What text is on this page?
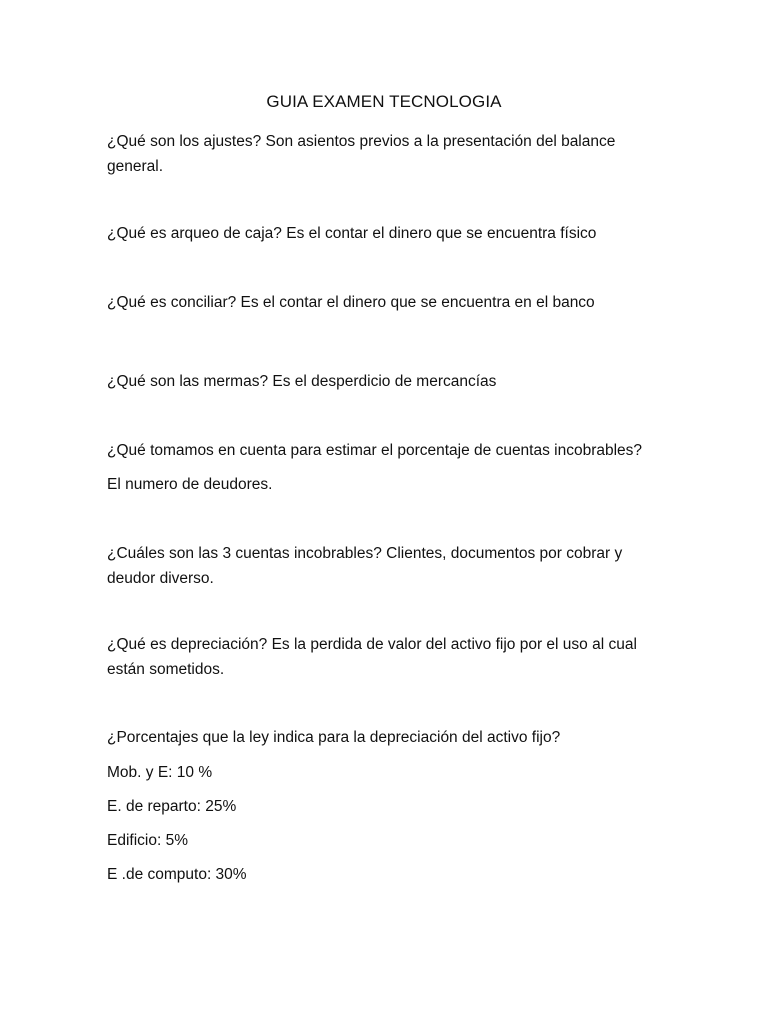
GUIA EXAMEN TECNOLOGIA
¿Qué son los ajustes? Son asientos previos a la presentación del balance general.
¿Qué es arqueo de caja? Es el contar el dinero que se encuentra físico
¿Qué es conciliar? Es el contar el dinero que se encuentra en el banco
¿Qué son las mermas? Es el desperdicio de mercancías
¿Qué tomamos en cuenta para estimar el porcentaje de cuentas incobrables?
El numero de deudores.
¿Cuáles son las 3 cuentas incobrables? Clientes, documentos por cobrar y deudor diverso.
¿Qué es depreciación? Es la perdida de valor del activo fijo por el uso al cual están sometidos.
¿Porcentajes que la ley indica para la depreciación del activo fijo?
Mob. y E: 10 %
E. de reparto: 25%
Edificio: 5%
E .de computo: 30%
